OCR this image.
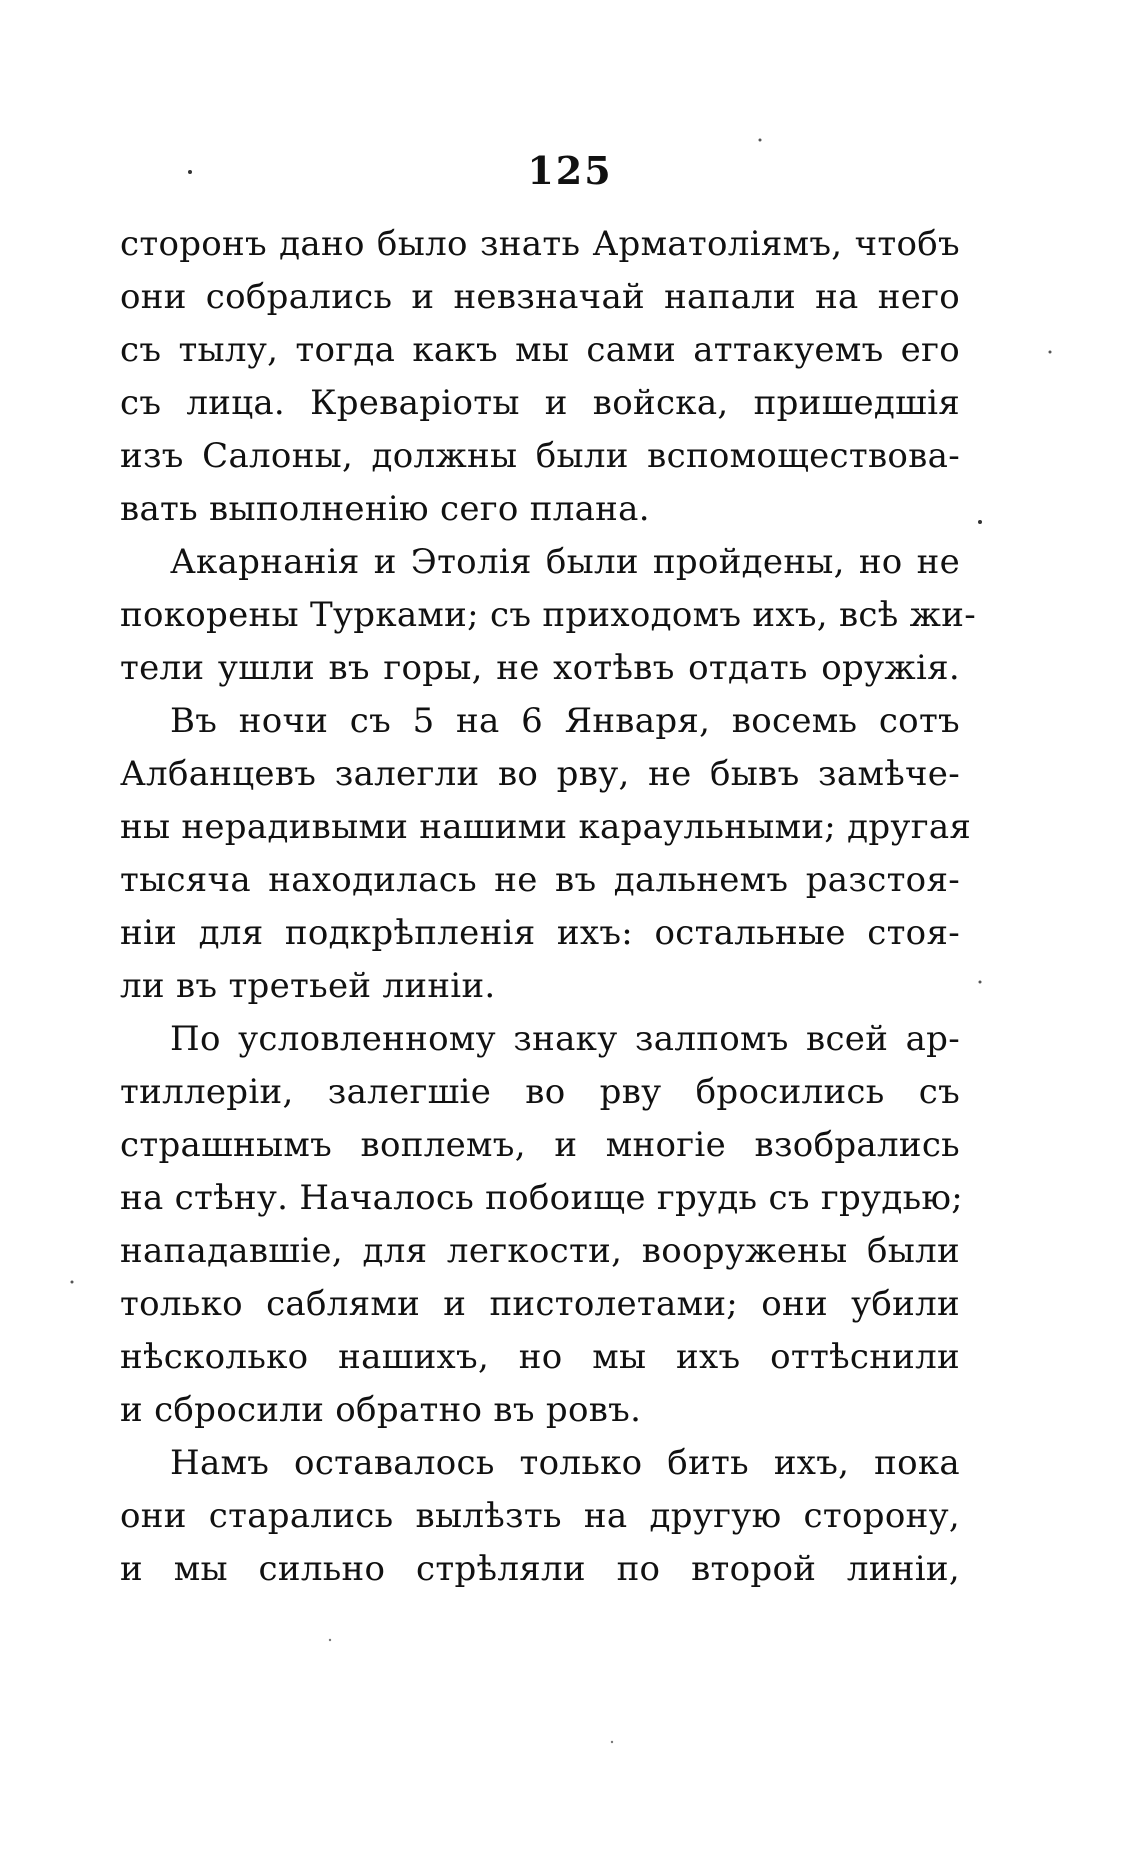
125
сторонъ дано было знать Арматоліямъ, чтобъ
они собрались и невзначай напали на него
съ тылу, тогда какъ мы сами аттакуемъ его
съ лица. Креваріоты и войска, пришедшія
изъ Салоны, должны были вспомоществова-
вать выполненію сего плана.
Акарнанія и Этолія были пройдены, но не
покорены Турками; съ приходомъ ихъ, всѣ жи-
тели ушли въ горы, не хотѣвъ отдать оружія.
Въ ночи съ 5 на 6 Января, восемь сотъ
Албанцевъ залегли во рву, не бывъ замѣче-
ны нерадивыми нашими караульными; другая
тысяча находилась не въ дальнемъ разстоя-
ніи для подкрѣпленія ихъ: остальные стоя-
ли въ третьей линіи.
По условленному знаку залпомъ всей ар-
тиллеріи, залегшіе во рву бросились съ
страшнымъ воплемъ, и многіе взобрались
на стѣну. Началось побоище грудь съ грудью;
нападавшіе, для легкости, вооружены были
только саблями и пистолетами; они убили
нѣсколько нашихъ, но мы ихъ оттѣснили
и сбросили обратно въ ровъ.
Намъ оставалось только бить ихъ, пока
они старались вылѣзть на другую сторону,
и мы сильно стрѣляли по второй линіи,
